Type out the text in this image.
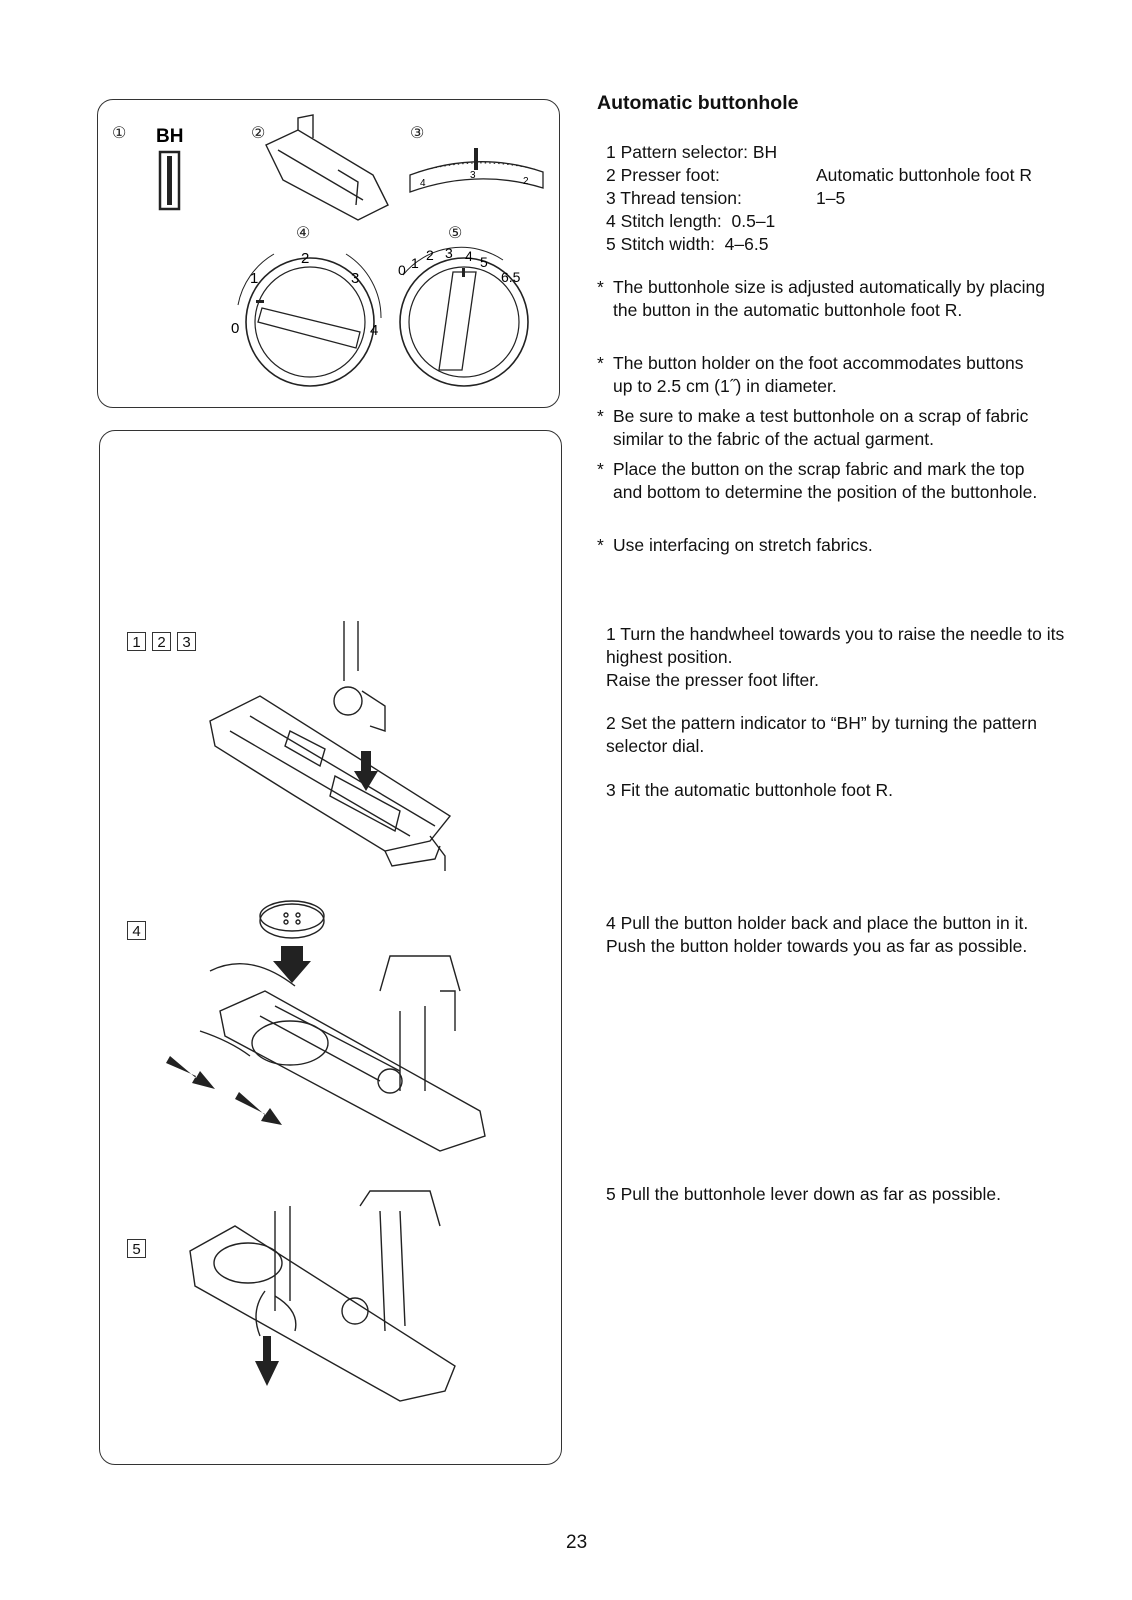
①	②	③
④	⑤
BH
4
3
2
0
1
2
3
4
0 1 2 3 4 5
6.5
1 2 3
4
5
Automatic buttonhole
1 Pattern selector: BH
2 Presser foot:	Automatic buttonhole foot R
3 Thread tension:	1–5
4 Stitch length:  0.5–1
5 Stitch width:  4–6.5
* The buttonhole size is adjusted automatically by placing the button in the automatic buttonhole foot R.
* The button holder on the foot accommodates buttons up to 2.5 cm (1˝) in diameter.
* Be sure to make a test buttonhole on a scrap of fabric similar to the fabric of the actual garment.
* Place the button on the scrap fabric and mark the top and bottom to determine the position of the buttonhole.
* Use interfacing on stretch fabrics.
1 Turn the handwheel towards you to raise the needle to its highest position.
Raise the presser foot lifter.
2 Set the pattern indicator to “BH” by turning the pattern selector dial.
3 Fit the automatic buttonhole foot R.
4 Pull the button holder back and place the button in it.
Push the button holder towards you as far as possible.
5 Pull the buttonhole lever down as far as possible.
23
